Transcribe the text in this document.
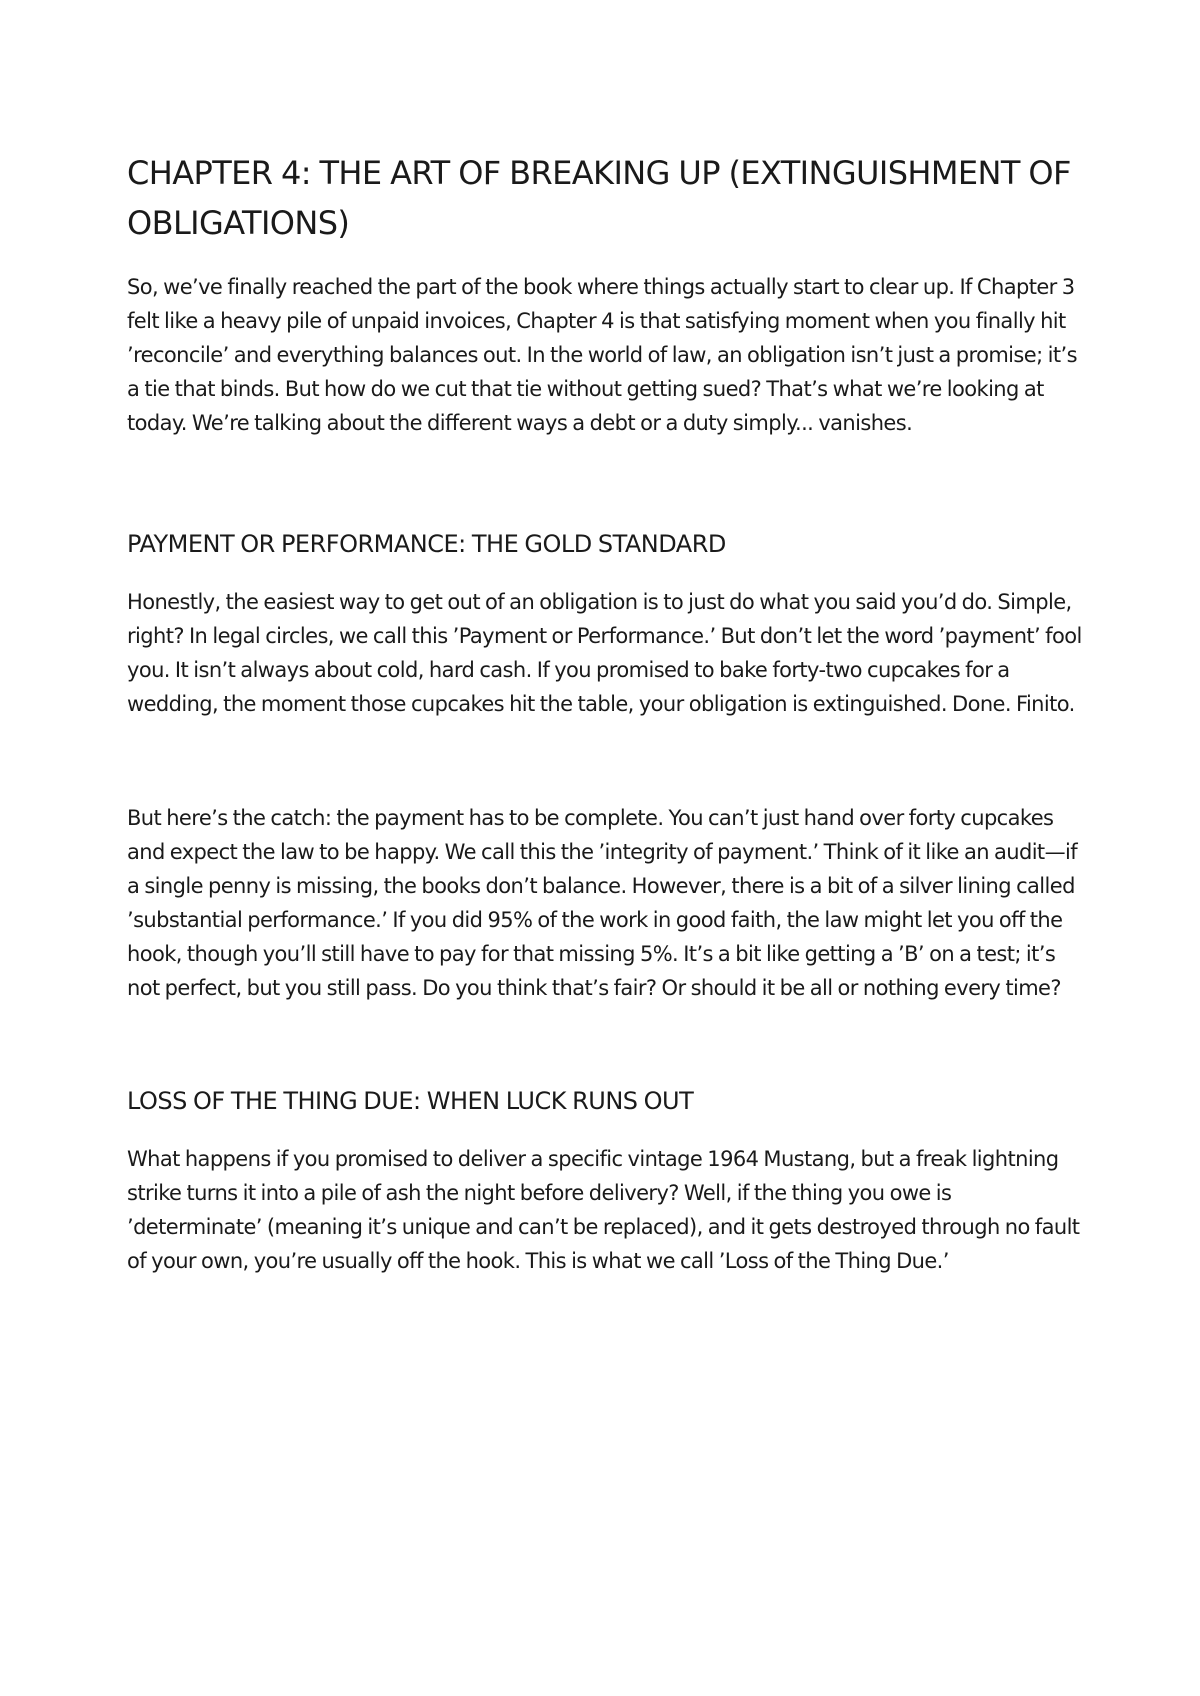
CHAPTER 4: THE ART OF BREAKING UP (EXTINGUISHMENT OF OBLIGATIONS)

So, we’ve finally reached the part of the book where things actually start to clear up. If Chapter 3 felt like a heavy pile of unpaid invoices, Chapter 4 is that satisfying moment when you finally hit ’reconcile’ and everything balances out. In the world of law, an obligation isn’t just a promise; it’s a tie that binds. But how do we cut that tie without getting sued? That’s what we’re looking at today. We’re talking about the different ways a debt or a duty simply... vanishes.

PAYMENT OR PERFORMANCE: THE GOLD STANDARD

Honestly, the easiest way to get out of an obligation is to just do what you said you’d do. Simple, right? In legal circles, we call this ’Payment or Performance.’ But don’t let the word ’payment’ fool you. It isn’t always about cold, hard cash. If you promised to bake forty-two cupcakes for a wedding, the moment those cupcakes hit the table, your obligation is extinguished. Done. Finito.

But here’s the catch: the payment has to be complete. You can’t just hand over forty cupcakes and expect the law to be happy. We call this the ’integrity of payment.’ Think of it like an audit—if a single penny is missing, the books don’t balance. However, there is a bit of a silver lining called ’substantial performance.’ If you did 95% of the work in good faith, the law might let you off the hook, though you’ll still have to pay for that missing 5%. It’s a bit like getting a ’B’ on a test; it’s not perfect, but you still pass. Do you think that’s fair? Or should it be all or nothing every time?

LOSS OF THE THING DUE: WHEN LUCK RUNS OUT

What happens if you promised to deliver a specific vintage 1964 Mustang, but a freak lightning strike turns it into a pile of ash the night before delivery? Well, if the thing you owe is ’determinate’ (meaning it’s unique and can’t be replaced), and it gets destroyed through no fault of your own, you’re usually off the hook. This is what we call ’Loss of the Thing Due.’
